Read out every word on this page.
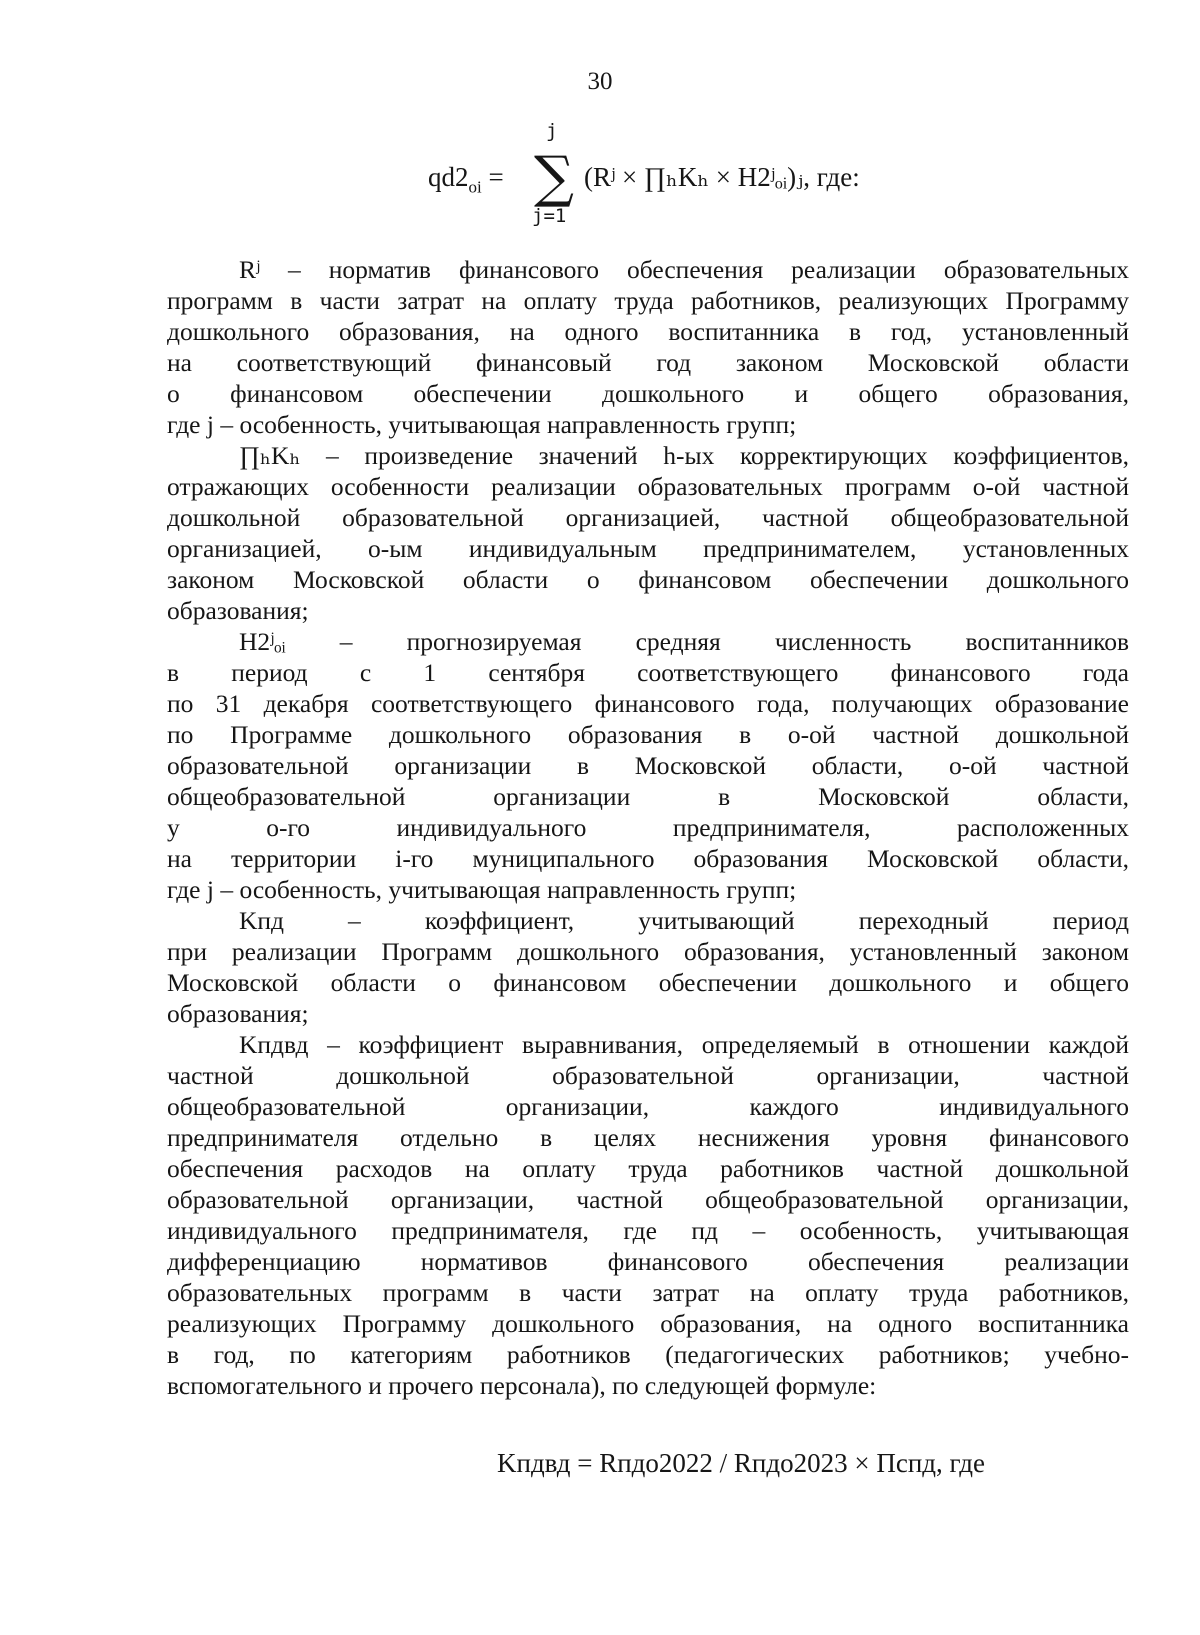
30
j
$qd2_{oi}$ = ∑
j=1
(Rʲ × ∏ₕKₕ × H2ʲₒᵢ)ⱼ, где:
Rʲ – норматив финансового обеспечения реализации образовательных
программ в части затрат на оплату труда работников, реализующих Программу
дошкольного образования, на одного воспитанника в год, установленный
на соответствующий финансовый год законом Московской области
о финансовом обеспечении дошкольного и общего образования,
где j – особенность, учитывающая направленность групп;
∏ₕKₕ – произведение значений h-ых корректирующих коэффициентов,
отражающих особенности реализации образовательных программ o-ой частной
дошкольной образовательной организацией, частной общеобразовательной
организацией, o-ым индивидуальным предпринимателем, установленных
законом Московской области о финансовом обеспечении дошкольного
образования;
H2ʲₒᵢ – прогнозируемая средняя численность воспитанников
в период с 1 сентября соответствующего финансового года
по 31 декабря соответствующего финансового года, получающих образование
по Программе дошкольного образования в o-ой частной дошкольной
образовательной организации в Московской области, o-ой частной
общеобразовательной организации в Московской области,
у o-го индивидуального предпринимателя, расположенных
на территории i-го муниципального образования Московской области,
где j – особенность, учитывающая направленность групп;
Kпд – коэффициент, учитывающий переходный период
при реализации Программ дошкольного образования, установленный законом
Московской области о финансовом обеспечении дошкольного и общего
образования;
Kпдвд – коэффициент выравнивания, определяемый в отношении каждой
частной дошкольной образовательной организации, частной
общеобразовательной организации, каждого индивидуального
предпринимателя отдельно в целях неснижения уровня финансового
обеспечения расходов на оплату труда работников частной дошкольной
образовательной организации, частной общеобразовательной организации,
индивидуального предпринимателя, где пд – особенность, учитывающая
дифференциацию нормативов финансового обеспечения реализации
образовательных программ в части затрат на оплату труда работников,
реализующих Программу дошкольного образования, на одного воспитанника
в год, по категориям работников (педагогических работников; учебно-
вспомогательного и прочего персонала), по следующей формуле:
Kпдвд = Rпдo2022 / Rпдo2023 × Пcпд, где
